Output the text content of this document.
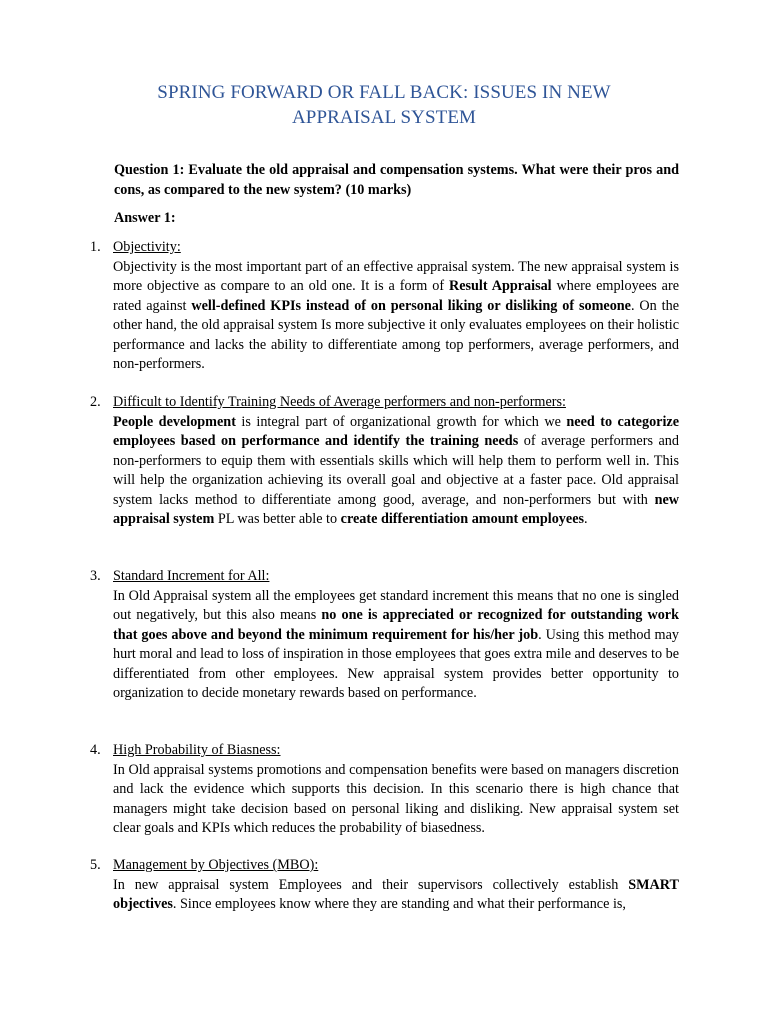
SPRING FORWARD OR FALL BACK: ISSUES IN NEW
APPRAISAL SYSTEM
Question 1: Evaluate the old appraisal and compensation systems. What were their pros and cons, as compared to the new system? (10 marks)
Answer 1:
1. Objectivity:
Objectivity is the most important part of an effective appraisal system. The new appraisal system is more objective as compare to an old one. It is a form of Result Appraisal where employees are rated against well-defined KPIs instead of on personal liking or disliking of someone. On the other hand, the old appraisal system Is more subjective it only evaluates employees on their holistic performance and lacks the ability to differentiate among top performers, average performers, and non-performers.
2. Difficult to Identify Training Needs of Average performers and non-performers:
People development is integral part of organizational growth for which we need to categorize employees based on performance and identify the training needs of average performers and non-performers to equip them with essentials skills which will help them to perform well in. This will help the organization achieving its overall goal and objective at a faster pace. Old appraisal system lacks method to differentiate among good, average, and non-performers but with new appraisal system PL was better able to create differentiation amount employees.
3. Standard Increment for All:
In Old Appraisal system all the employees get standard increment this means that no one is singled out negatively, but this also means no one is appreciated or recognized for outstanding work that goes above and beyond the minimum requirement for his/her job. Using this method may hurt moral and lead to loss of inspiration in those employees that goes extra mile and deserves to be differentiated from other employees. New appraisal system provides better opportunity to organization to decide monetary rewards based on performance.
4. High Probability of Biasness:
In Old appraisal systems promotions and compensation benefits were based on managers discretion and lack the evidence which supports this decision. In this scenario there is high chance that managers might take decision based on personal liking and disliking. New appraisal system set clear goals and KPIs which reduces the probability of biasedness.
5. Management by Objectives (MBO):
In new appraisal system Employees and their supervisors collectively establish SMART objectives. Since employees know where they are standing and what their performance is,
